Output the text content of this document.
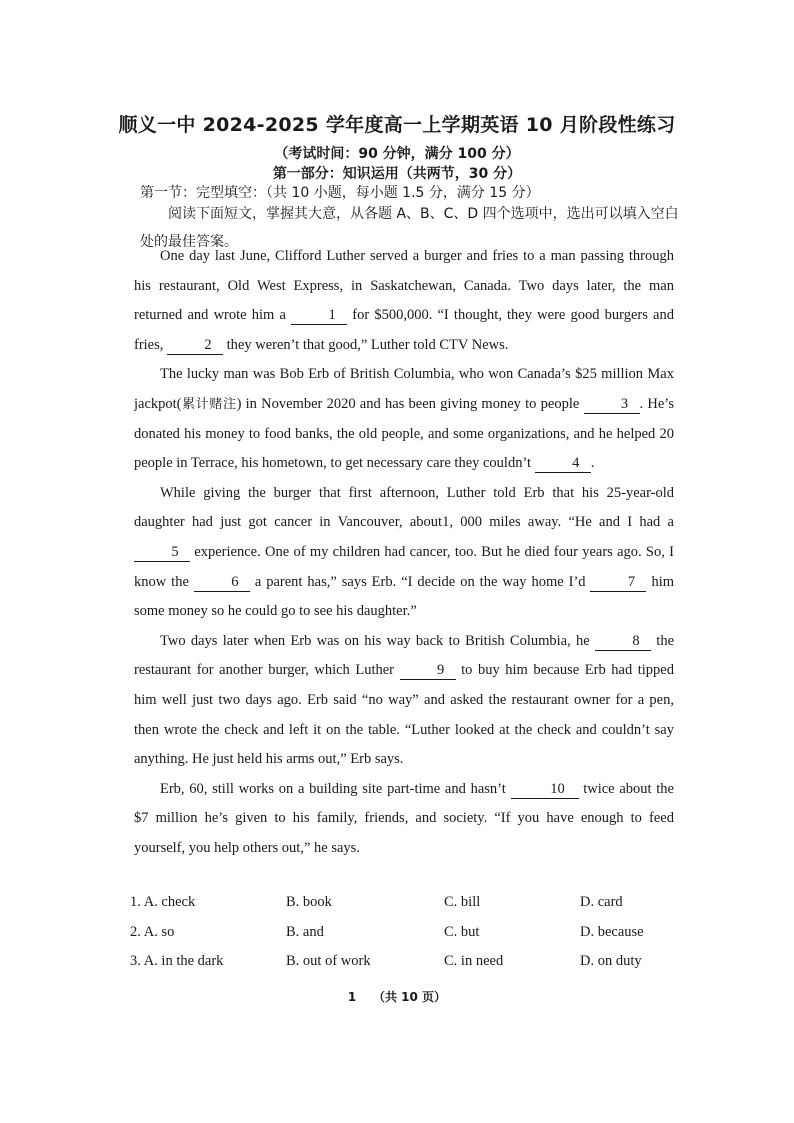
顺义一中 2024-2025 学年度高一上学期英语 10 月阶段性练习
（考试时间：90 分钟，满分 100 分）
第一部分：知识运用（共两节，30 分）
第一节：完型填空：（共 10 小题，每小题 1.5 分，满分 15 分）
阅读下面短文，掌握其大意，从各题 A、B、C、D 四个选项中，选出可以填入空白处的最佳答案。

One day last June, Clifford Luther served a burger and fries to a man passing through his restaurant, Old West Express, in Saskatchewan, Canada. Two days later, the man returned and wrote him a	1 for $500,000. “I thought, they were good burgers and fries,	2 they weren’t that good,” Luther told CTV News.

The lucky man was Bob Erb of British Columbia, who won Canada’s $25 million Max jackpot(累计赌注) in November 2020 and has been giving money to people	3 . He’s donated his money to food banks, the old people, and some organizations, and he helped 20 people in Terrace, his hometown, to get necessary care they couldn’t	4 .

While giving the burger that first afternoon, Luther told Erb that his 25-year-old daughter had just got cancer in Vancouver, about1, 000 miles away. “He and I had a 5 experience. One of my children had cancer, too. But he died four years ago. So, I know the	6 a parent has,” says Erb. “I decide on the way home I’d	7 him some money so he could go to see his daughter.”

Two days later when Erb was on his way back to British Columbia, he	8 the restaurant for another burger, which Luther	9 to buy him because Erb had tipped him well just two days ago. Erb said “no way” and asked the restaurant owner for a pen, then wrote the check and left it on the table. “Luther looked at the check and couldn’t say anything. He just held his arms out,” Erb says.

Erb, 60, still works on a building site part-time and hasn’t	10 twice about the $7 million he’s given to his family, friends, and society. “If you have enough to feed yourself, you help others out,” he says.

1. A. check	B. book	C. bill	D. card
2. A. so	B. and	C. but	D. because
3. A. in the dark	B. out of work	C. in need	D. on duty
1 （共 10 页）
